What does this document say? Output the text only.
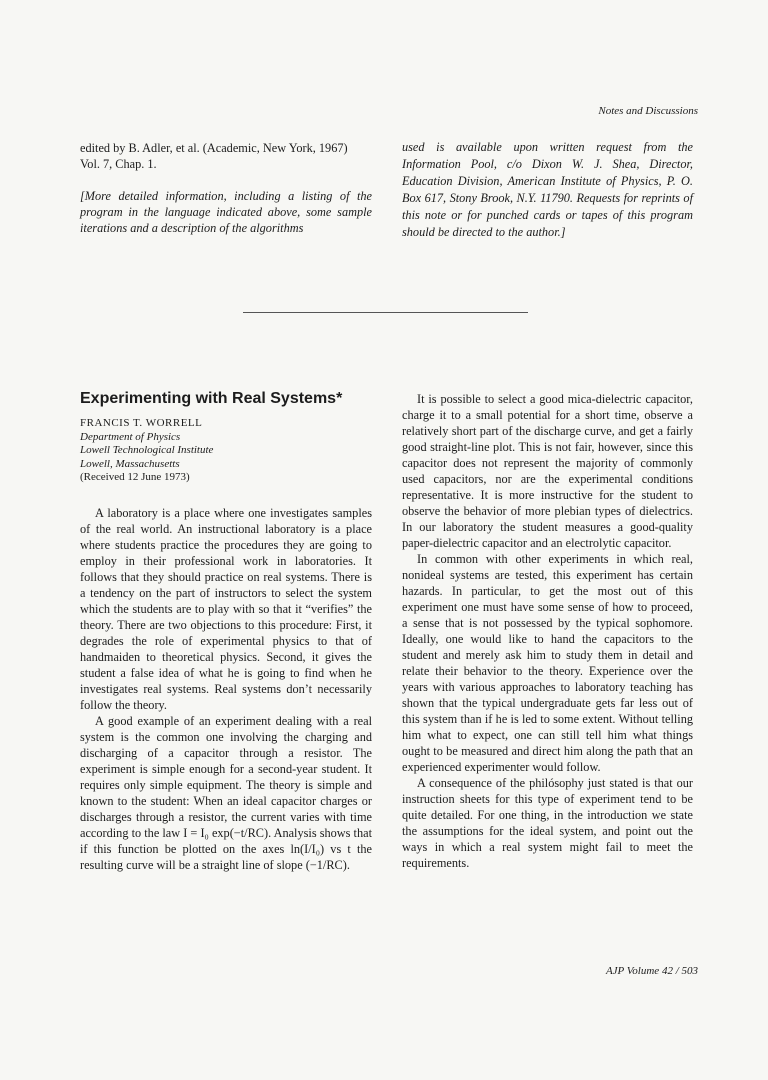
Notes and Discussions

edited by B. Adler, et al. (Academic, New York, 1967)

Vol. 7, Chap. 1.

[More detailed information, including a listing of the program in the language indicated above, some sample iterations and a description of the algorithms

used is available upon written request from the Information Pool, c/o Dixon W. J. Shea, Director, Education Division, American Institute of Physics, P. O. Box 617, Stony Brook, N.Y. 11790. Requests for reprints of this note or for punched cards or tapes of this program should be directed to the author.]

Experimenting with Real Systems*
FRANCIS T. WORRELL
Department of Physics
Lowell Technological Institute
Lowell, Massachusetts
(Received 12 June 1973)

A laboratory is a place where one investigates samples of the real world. An instructional laboratory is a place where students practice the procedures they are going to employ in their professional work in laboratories. It follows that they should practice on real systems. There is a tendency on the part of instructors to select the system which the students are to play with so that it “verifies” the theory. There are two objections to this procedure: First, it degrades the role of experimental physics to that of handmaiden to theoretical physics. Second, it gives the student a false idea of what he is going to find when he investigates real systems. Real systems don’t necessarily follow the theory.

A good example of an experiment dealing with a real system is the common one involving the charging and discharging of a capacitor through a resistor. The experiment is simple enough for a second-year student. It requires only simple equipment. The theory is simple and known to the student: When an ideal capacitor charges or discharges through a resistor, the current varies with time according to the law I = I₀ exp(−t/RC). Analysis shows that if this function be plotted on the axes ln(I/I₀) vs t the resulting curve will be a straight line of slope (−1/RC).

It is possible to select a good mica-dielectric capacitor, charge it to a small potential for a short time, observe a relatively short part of the discharge curve, and get a fairly good straight-line plot. This is not fair, however, since this capacitor does not represent the majority of commonly used capacitors, nor are the experimental conditions representative. It is more instructive for the student to observe the behavior of more plebian types of dielectrics. In our laboratory the student measures a good-quality paper-dielectric capacitor and an electrolytic capacitor.

In common with other experiments in which real, nonideal systems are tested, this experiment has certain hazards. In particular, to get the most out of this experiment one must have some sense of how to proceed, a sense that is not possessed by the typical sophomore. Ideally, one would like to hand the capacitors to the student and merely ask him to study them in detail and relate their behavior to the theory. Experience over the years with various approaches to laboratory teaching has shown that the typical undergraduate gets far less out of this system than if he is led to some extent. Without telling him what to expect, one can still tell him what things ought to be measured and direct him along the path that an experienced experimenter would follow.

A consequence of the philósophy just stated is that our instruction sheets for this type of experiment tend to be quite detailed. For one thing, in the introduction we state the assumptions for the ideal system, and point out the ways in which a real system might fail to meet the requirements.

AJP Volume 42 / 503
